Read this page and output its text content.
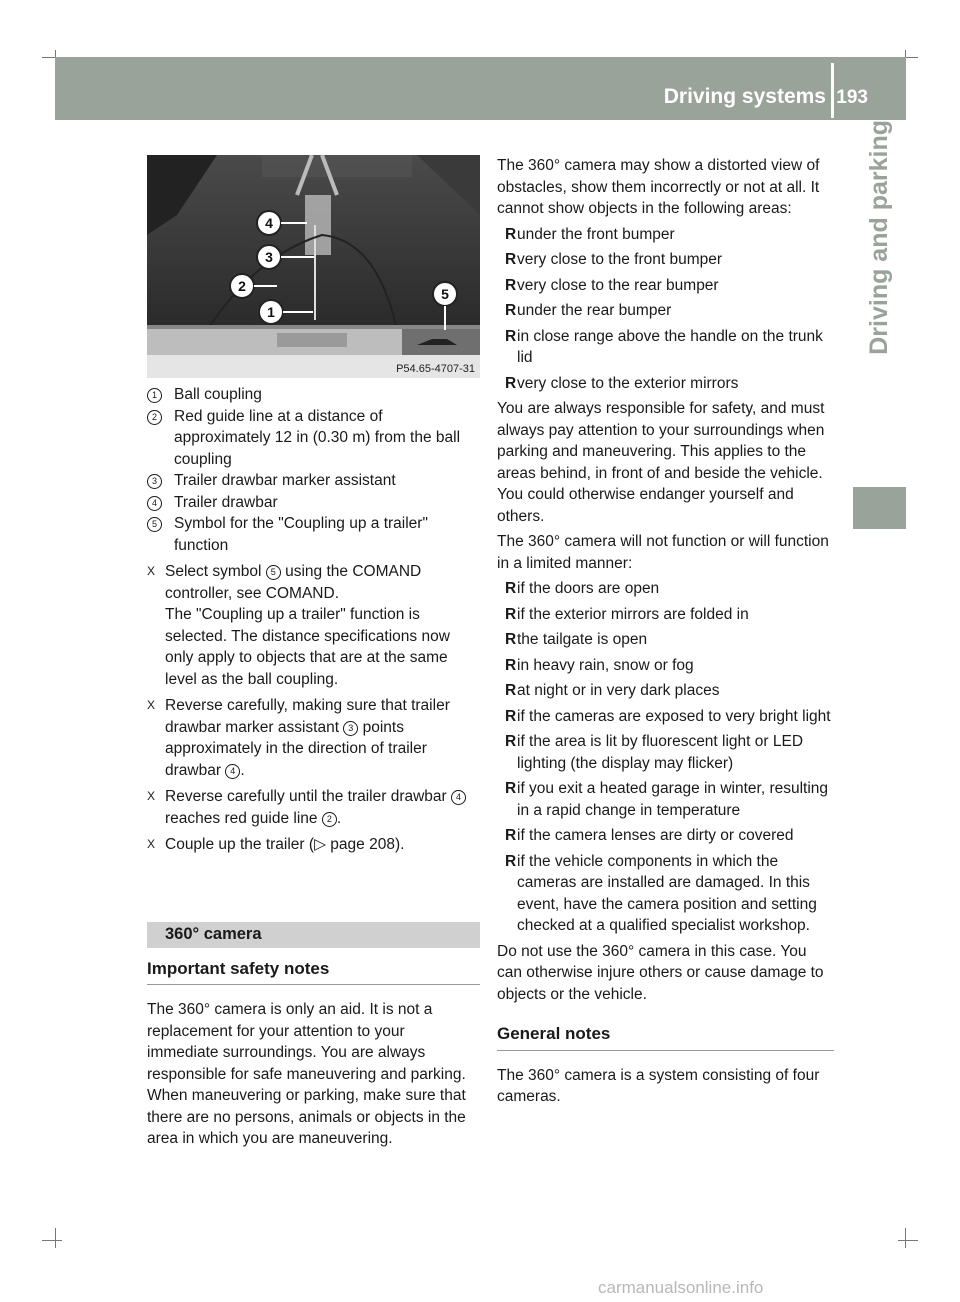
Driving systems 193
Driving and parking
4
3
2
1
5
P54.65-4707-31
1	Ball coupling
2	Red guide line at a distance of approximately 12 in (0.30 m) from the ball coupling
3	Trailer drawbar marker assistant
4	Trailer drawbar
5	Symbol for the "Coupling up a trailer" function
X Select symbol 5 using the COMAND controller, see COMAND.
The "Coupling up a trailer" function is selected. The distance specifications now only apply to objects that are at the same level as the ball coupling.
X Reverse carefully, making sure that trailer drawbar marker assistant 3 points approximately in the direction of trailer drawbar 4 .
X Reverse carefully until the trailer drawbar 4 reaches red guide line 2 .
X Couple up the trailer (▷ page 208).
360° camera
Important safety notes

The 360° camera is only an aid. It is not a replacement for your attention to your immediate surroundings. You are always responsible for safe maneuvering and parking. When maneuvering or parking, make sure that there are no persons, animals or objects in the area in which you are maneuvering.

The 360° camera may show a distorted view of obstacles, show them incorrectly or not at all. It cannot show objects in the following areas:

R under the front bumper
R very close to the front bumper
R very close to the rear bumper
R under the rear bumper
R in close range above the handle on the trunk lid
R very close to the exterior mirrors

You are always responsible for safety, and must always pay attention to your surroundings when parking and maneuvering. This applies to the areas behind, in front of and beside the vehicle. You could otherwise endanger yourself and others.

The 360° camera will not function or will function in a limited manner:

R if the doors are open
R if the exterior mirrors are folded in
R the tailgate is open
R in heavy rain, snow or fog
R at night or in very dark places
R if the cameras are exposed to very bright light
R if the area is lit by fluorescent light or LED lighting (the display may flicker)
R if you exit a heated garage in winter, resulting in a rapid change in temperature
R if the camera lenses are dirty or covered
R if the vehicle components in which the cameras are installed are damaged. In this event, have the camera position and setting checked at a qualified specialist workshop.

Do not use the 360° camera in this case. You can otherwise injure others or cause damage to objects or the vehicle.

General notes

The 360° camera is a system consisting of four cameras.

carmanualsonline.info
